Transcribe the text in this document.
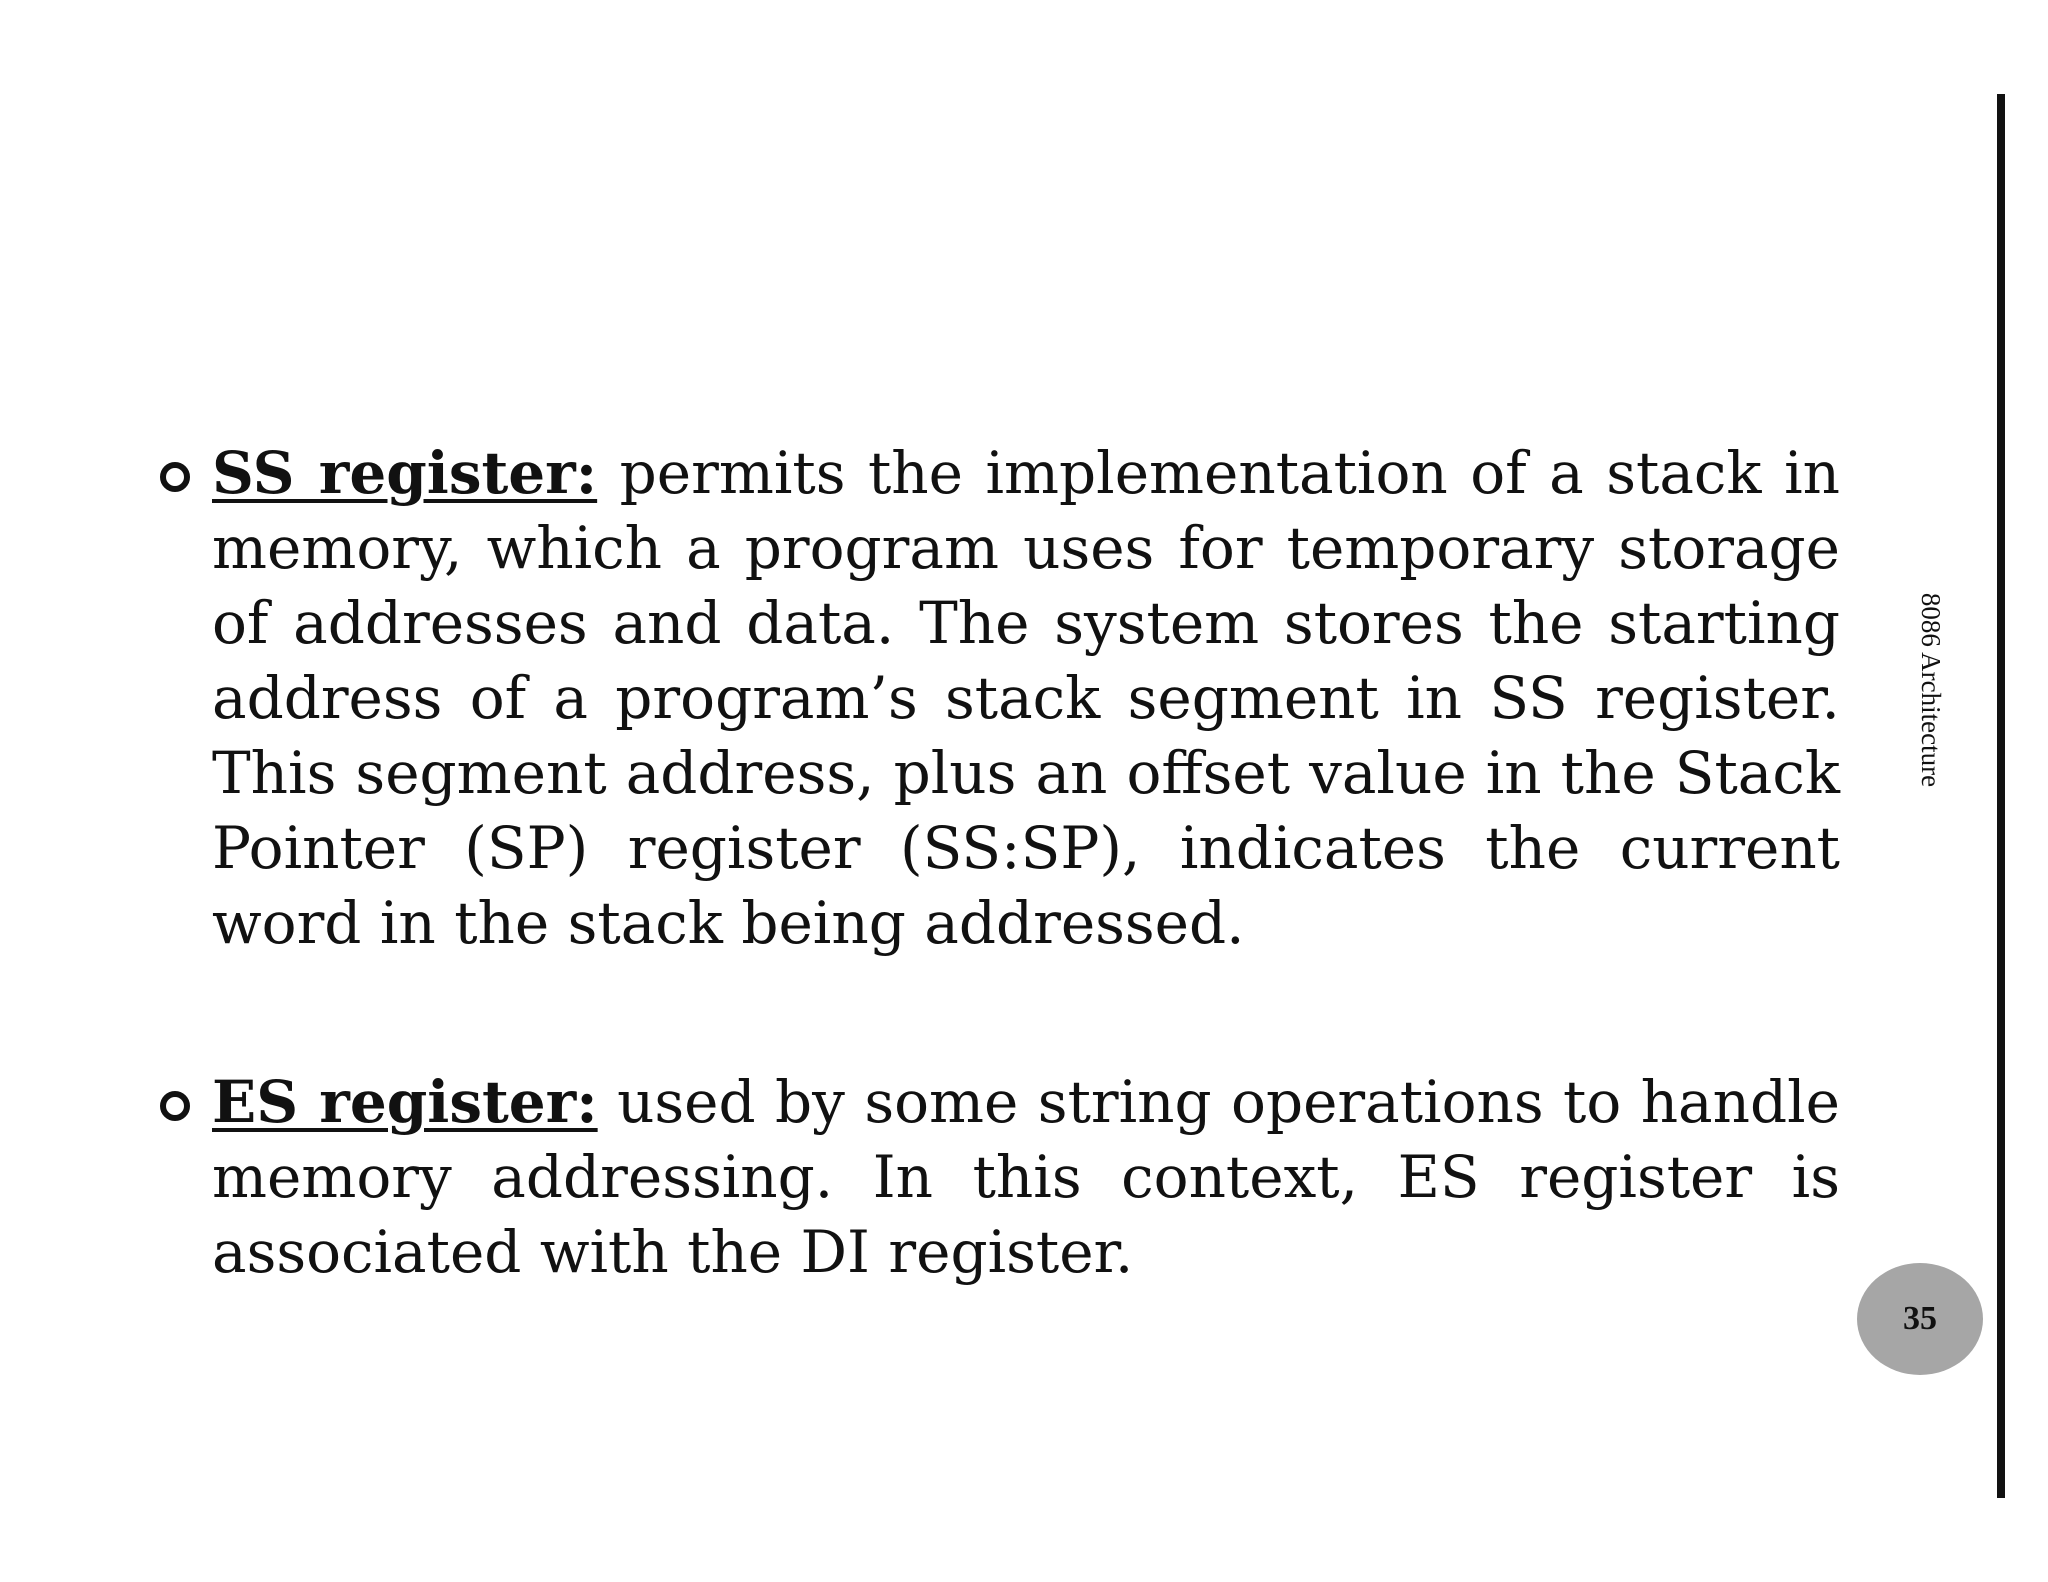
SS register: permits the implementation of a stack in memory, which a program uses for temporary storage of addresses and data. The system stores the starting address of a program’s stack segment in SS register. This segment address, plus an offset value in the Stack Pointer (SP) register (SS:SP), indicates the current word in the stack being addressed.
ES register: used by some string operations to handle memory addressing. In this context, ES register is associated with the DI register.
8086 Architecture
35
